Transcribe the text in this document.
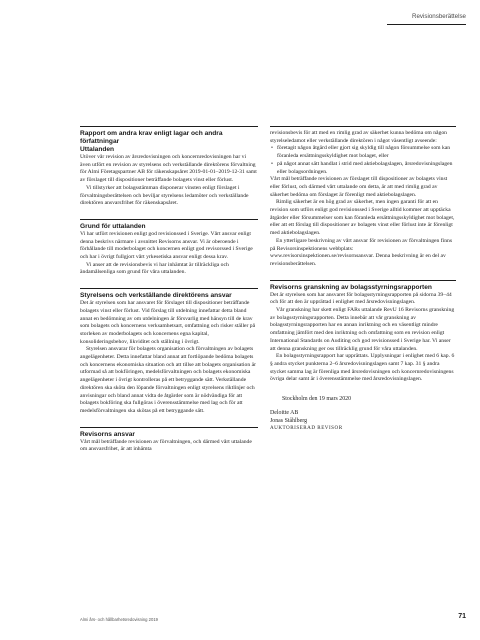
Revisionsberättelse

Rapport om andra krav enligt lagar och andra författningar

Uttalanden

Utöver vår revision av årsredovisningen och koncernredovisningen har vi även utfört en revision av styrelsens och verkställande direktörens förvaltning för Almi Företagspartner AB för räkenskapsåret 2019-01-01–2019-12-31 samt av förslaget till dispositioner beträffande bolagets vinst eller förlust.

Vi tillstyrker att bolagsstämman disponerar vinsten enligt förslaget i förvaltningsberättelsen och beviljar styrelsens ledamöter och verkställande direktören ansvarsfrihet för räkenskapsåret.

Grund för uttalanden

Vi har utfört revisionen enligt god revisionssed i Sverige. Vårt ansvar enligt denna beskrivs närmare i avsnittet Revisorns ansvar. Vi är oberoende i förhållande till moderbolaget och koncernen enligt god revisorssed i Sverige och har i övrigt fullgjort vårt yrkesetiska ansvar enligt dessa krav.

Vi anser att de revisionsbevis vi har inhämtat är tillräckliga och ändamålsenliga som grund för våra uttalanden.

Styrelsens och verkställande direktörens ansvar

Det är styrelsen som har ansvaret för förslaget till dispositioner beträffande bolagets vinst eller förlust. Vid förslag till utdelning innefattar detta bland annat en bedömning av om utdelningen är försvarlig med hänsyn till de krav som bolagets och koncernens verksamhetsart, omfattning och risker ställer på storleken av moderbolagets och koncernens egna kapital, konsolideringsbehov, likviditet och ställning i övrigt.

Styrelsen ansvarar för bolagets organisation och förvaltningen av bolagets angelägenheter. Detta innefattar bland annat att fortlöpande bedöma bolagets och koncernens ekonomiska situation och att tillse att bolagets organisation är utformad så att bokföringen, medelsförvaltningen och bolagets ekonomiska angelägenheter i övrigt kontrolleras på ett betryggande sätt. Verkställande direktören ska sköta den löpande förvaltningen enligt styrelsens riktlinjer och anvisningar och bland annat vidta de åtgärder som är nödvändiga för att bolagets bokföring ska fullgöras i överensstämmelse med lag och för att medelsförvaltningen ska skötas på ett betryggande sätt.

Revisorns ansvar

Vårt mål beträffande revisionen av förvaltningen, och därmed vårt uttalande om ansvarsfrihet, är att inhämta

revisionsbevis för att med en rimlig grad av säkerhet kunna bedöma om någon styrelseledamot eller verkställande direktören i något väsentligt avseende:

• företagit någon åtgärd eller gjort sig skyldig till någon försummelse som kan föranleda ersättningsskyldighet mot bolaget, eller
• på något annat sätt handlat i strid med aktiebolagslagen, årsredovisningslagen eller bolagsordningen.

Vårt mål beträffande revisionen av förslaget till dispositioner av bolagets vinst eller förlust, och därmed vårt uttalande om detta, är att med rimlig grad av säkerhet bedöma om förslaget är förenligt med aktiebolagslagen.

Rimlig säkerhet är en hög grad av säkerhet, men ingen garanti för att en revision som utförs enligt god revisionssed i Sverige alltid kommer att upptäcka åtgärder eller försummelser som kan föranleda ersättningsskyldighet mot bolaget, eller att ett förslag till dispositioner av bolagets vinst eller förlust inte är förenligt med aktiebolagslagen.

En ytterligare beskrivning av vårt ansvar för revisionen av förvaltningen finns på Revisorsinspektionens webbplats: www.revisorsinspektionen.se/revisornsansvar. Denna beskrivning är en del av revisionsberättelsen.

Revisorns granskning av bolagsstyrningsrapporten

Det är styrelsen som har ansvaret för bolagsstyrningsrapporten på sidorna 39–44 och för att den är upprättad i enlighet med årsredovisningslagen.

Vår granskning har skett enligt FARs uttalande RevU 16 Revisorns granskning av bolagsstyrningsrapporten. Detta innebär att vår granskning av bolagsstyrningsrapporten har en annan inriktning och en väsentligt mindre omfattning jämfört med den inriktning och omfattning som en revision enligt International Standards on Auditing och god revisionssed i Sverige har. Vi anser att denna granskning ger oss tillräcklig grund för våra uttalanden.

En bolagsstyrningsrapport har upprättats. Upplysningar i enlighet med 6 kap. 6 § andra stycket punkterna 2–6 årsredovisningslagen samt 7 kap. 31 § andra stycket samma lag är förenliga med årsredovisningen och koncernredovisningens övriga delar samt är i överensstämmelse med årsredovisningslagen.

Stockholm den 19 mars 2020

Deloitte AB

Jonas Ståhlberg

AUKTORISERAD REVISOR

Almi års- och hållbarhetsredovisning 2019	71
